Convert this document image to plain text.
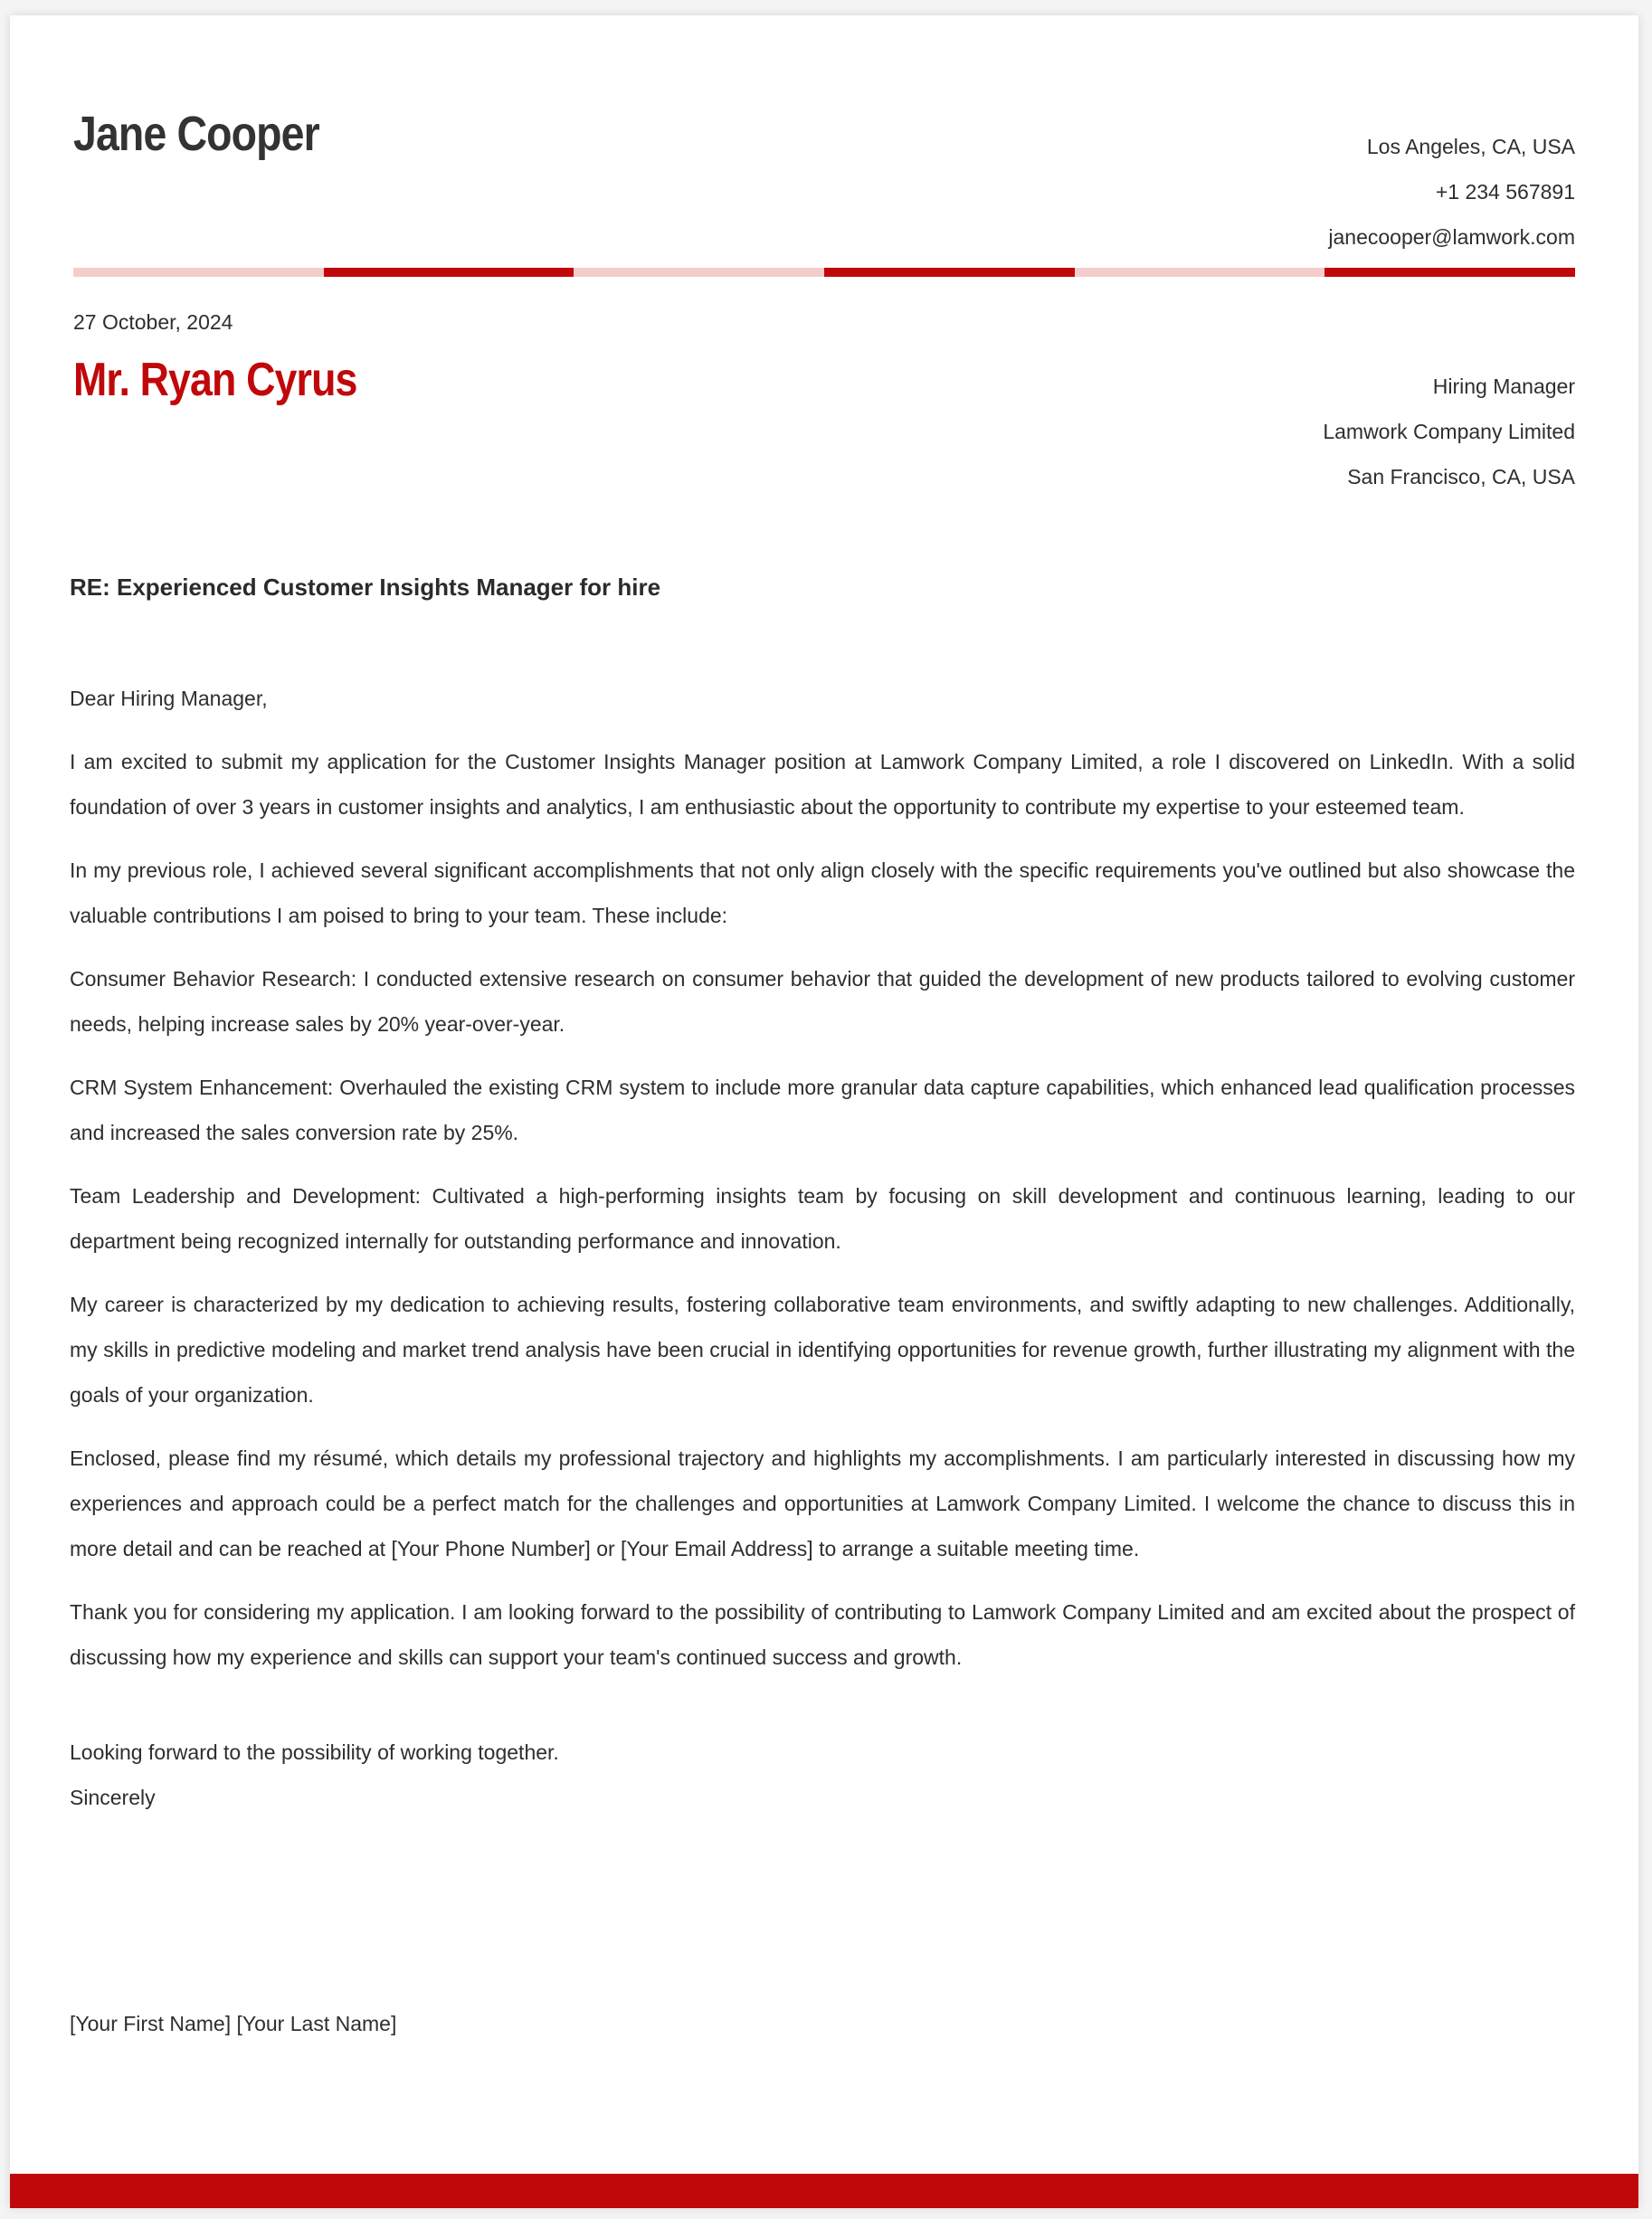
Jane Cooper	Los Angeles, CA, USA
+1 234 567891
janecooper@lamwork.com
27 October, 2024
Mr. Ryan Cyrus	Hiring Manager
Lamwork Company Limited
San Francisco, CA, USA
RE: Experienced Customer Insights Manager for hire

Dear Hiring Manager,

I am excited to submit my application for the Customer Insights Manager position at Lamwork Company Limited, a role I discovered on LinkedIn. With a solid foundation of over 3 years in customer insights and analytics, I am enthusiastic about the opportunity to contribute my expertise to your esteemed team.

In my previous role, I achieved several significant accomplishments that not only align closely with the specific requirements you've outlined but also showcase the valuable contributions I am poised to bring to your team. These include:

Consumer Behavior Research: I conducted extensive research on consumer behavior that guided the development of new products tailored to evolving customer needs, helping increase sales by 20% year-over-year.

CRM System Enhancement: Overhauled the existing CRM system to include more granular data capture capabilities, which enhanced lead qualification processes and increased the sales conversion rate by 25%.

Team Leadership and Development: Cultivated a high-performing insights team by focusing on skill development and continuous learning, leading to our department being recognized internally for outstanding performance and innovation.

My career is characterized by my dedication to achieving results, fostering collaborative team environments, and swiftly adapting to new challenges. Additionally, my skills in predictive modeling and market trend analysis have been crucial in identifying opportunities for revenue growth, further illustrating my alignment with the goals of your organization.

Enclosed, please find my résumé, which details my professional trajectory and highlights my accomplishments. I am particularly interested in discussing how my experiences and approach could be a perfect match for the challenges and opportunities at Lamwork Company Limited. I welcome the chance to discuss this in more detail and can be reached at [Your Phone Number] or [Your Email Address] to arrange a suitable meeting time.

Thank you for considering my application. I am looking forward to the possibility of contributing to Lamwork Company Limited and am excited about the prospect of discussing how my experience and skills can support your team's continued success and growth.

Looking forward to the possibility of working together.
Sincerely
[Your First Name] [Your Last Name]
